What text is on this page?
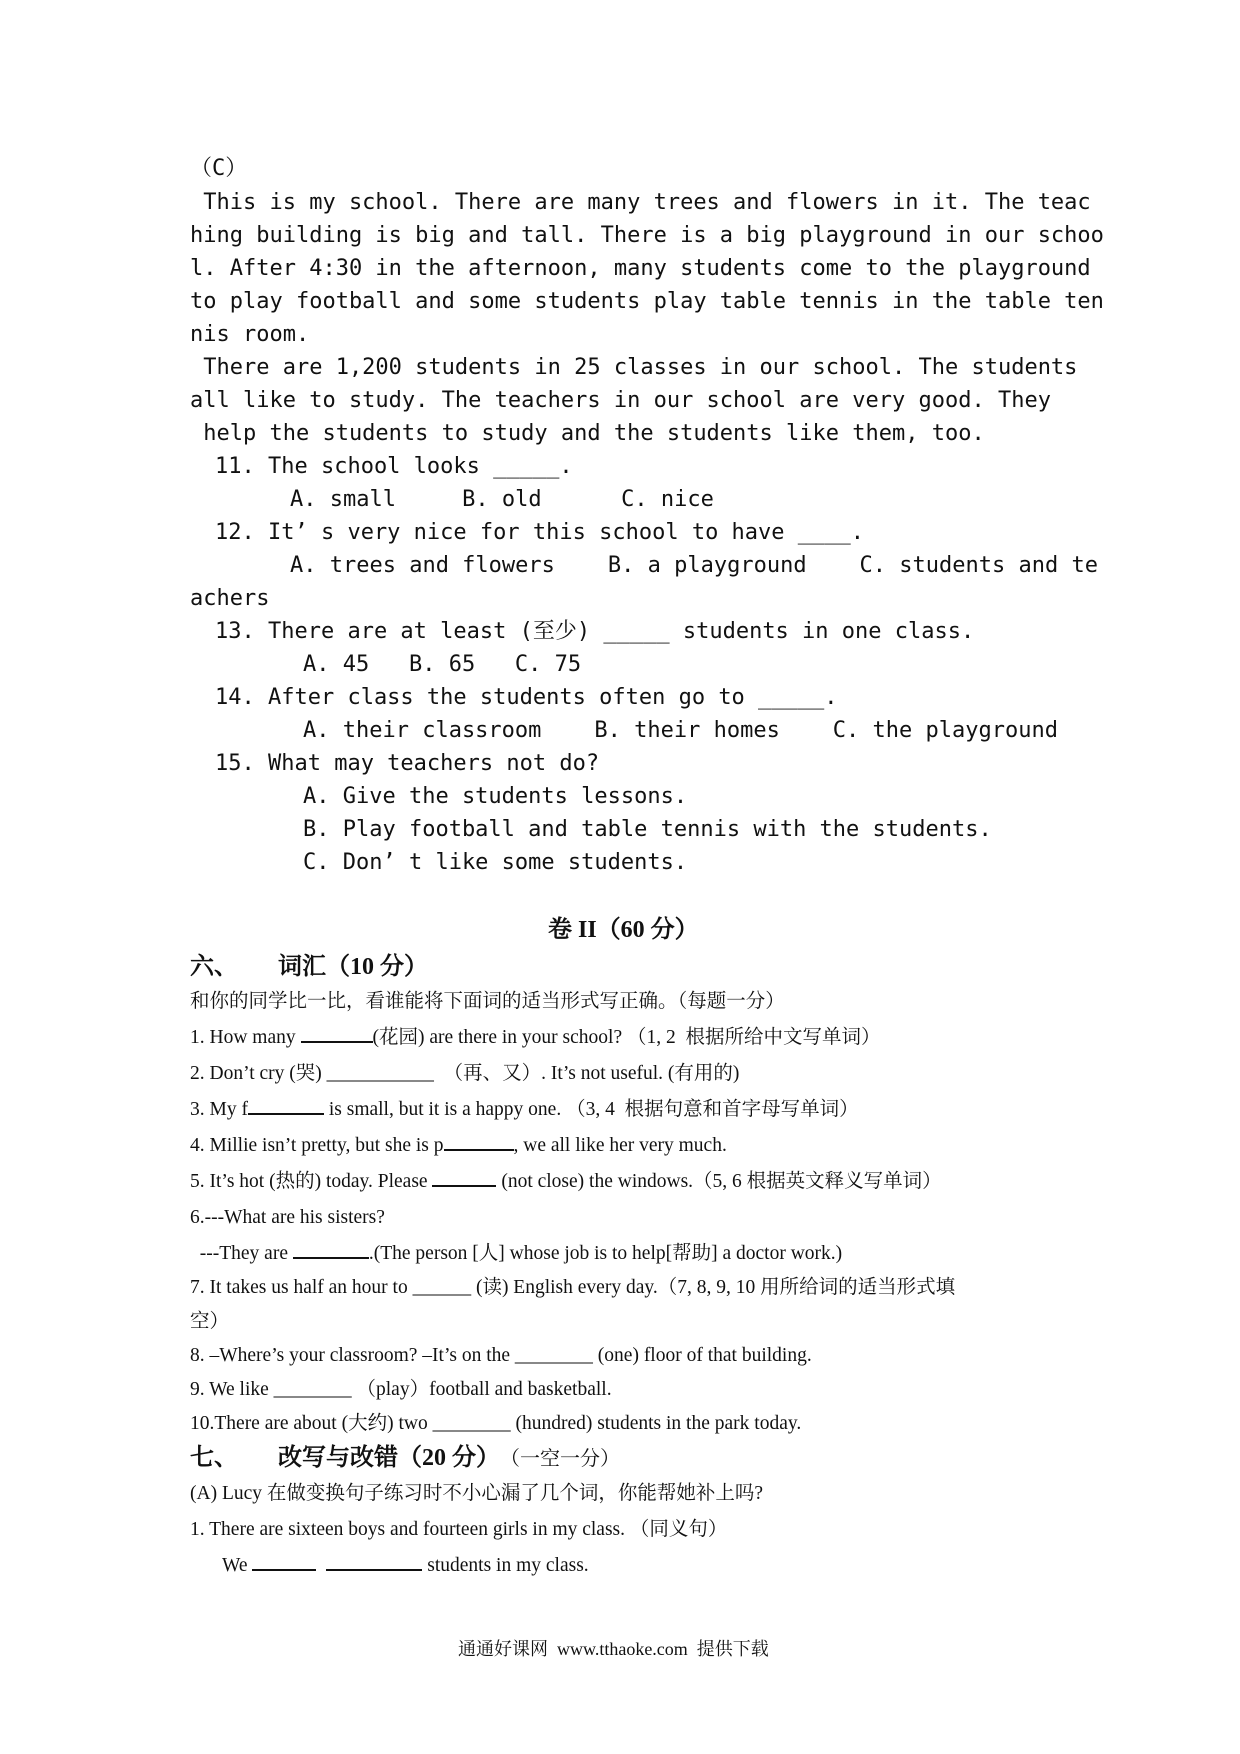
（C）
This is my school. There are many trees and flowers in it. The teac
hing building is big and tall. There is a big playground in our schoo
l. After 4:30 in the afternoon, many students come to the playground
to play football and some students play table tennis in the table ten
nis room.
There are 1,200 students in 25 classes in our school. The students
all like to study. The teachers in our school are very good. They
help the students to study and the students like them, too.
11. The school looks _____.
A. small     B. old      C. nice
12. It’ s very nice for this school to have ____.
A. trees and flowers    B. a playground    C. students and te
achers
13. There are at least (至少) _____ students in one class.
A. 45   B. 65   C. 75
14. After class the students often go to _____.
A. their classroom    B. their homes    C. the playground
15. What may teachers not do?
A. Give the students lessons.
B. Play football and table tennis with the students.
C. Don’ t like some students.
卷 II（60 分）
六、 词汇（10 分）
和你的同学比一比，看谁能将下面词的适当形式写正确。（每题一分）
1. How many	(花园) are there in your school? （1, 2  根据所给中文写单词）
2. Don’t cry (哭) ___________  （再、又）. It’s not useful. (有用的)
3. My f	is small, but it is a happy one. （3, 4  根据句意和首字母写单词）
4. Millie isn’t pretty, but she is p	, we all like her very much.
5. It’s hot (热的) today. Please	(not close) the windows.（5, 6 根据英文释义写单词）
6.---What are his sisters?
---They are	.(The person [人] whose job is to help[帮助] a doctor work.)
7. It takes us half an hour to ______ (读) English every day.（7, 8, 9, 10 用所给词的适当形式填
空）
8. –Where’s your classroom? –It’s on the ________ (one) floor of that building.
9. We like ________ （play）football and basketball.
10.There are about (大约) two ________ (hundred) students in the park today.
七、 改写与改错（20 分） （一空一分）
(A) Lucy 在做变换句子练习时不小心漏了几个词，你能帮她补上吗?
1. There are sixteen boys and fourteen girls in my class. （同义句）
We	students in my class.
通通好课网  www.tthaoke.com  提供下载
